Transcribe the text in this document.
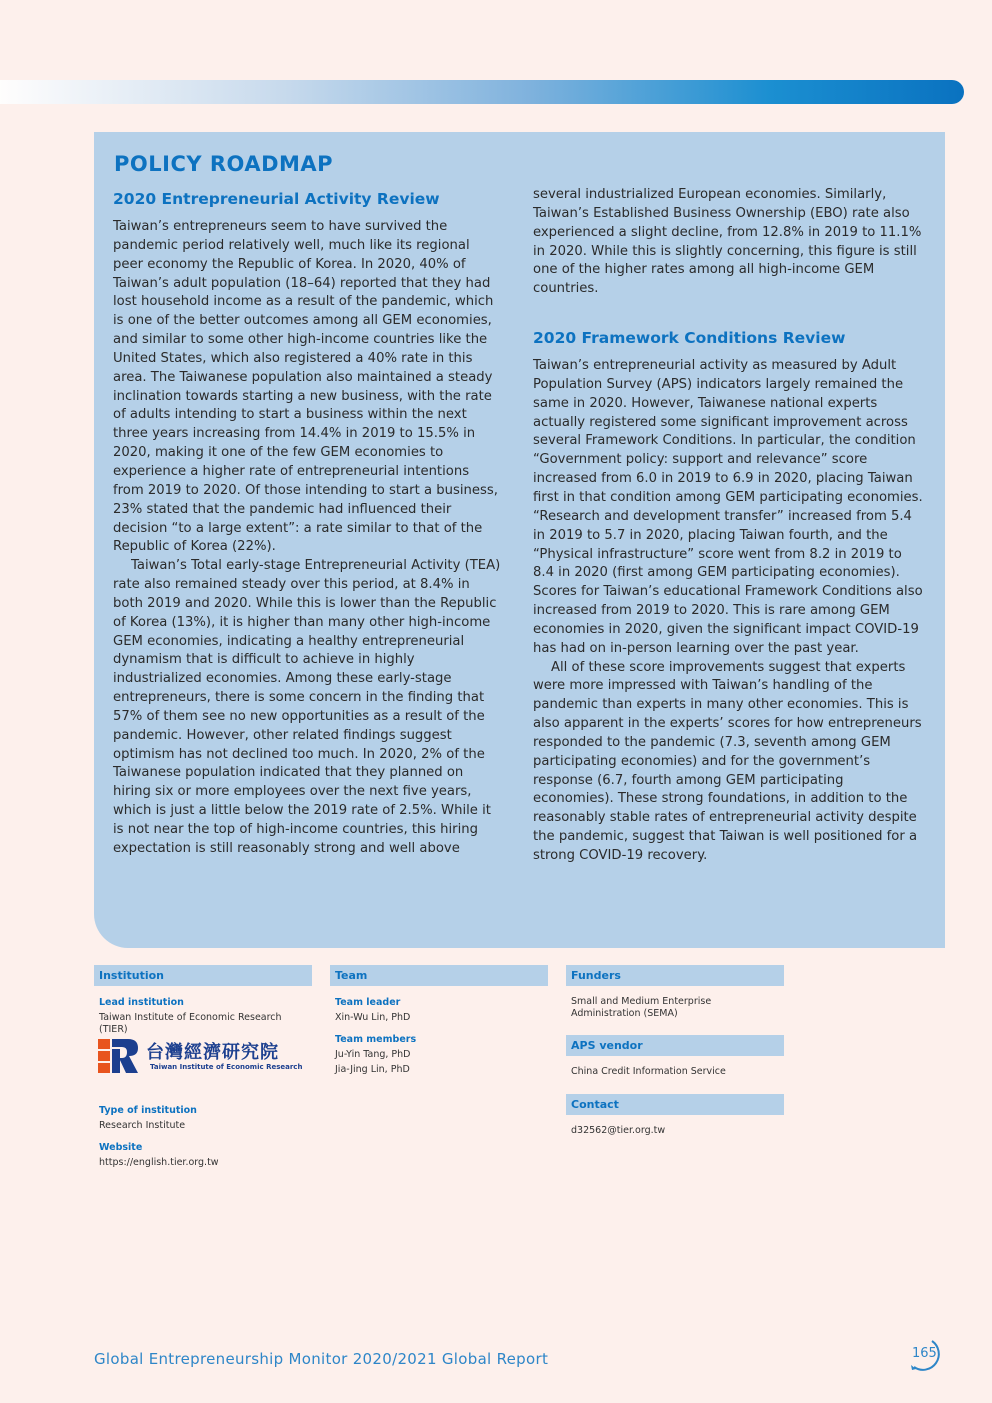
POLICY ROADMAP
2020 Entrepreneurial Activity Review

Taiwan’s entrepreneurs seem to have survived the pandemic period relatively well, much like its regional peer economy the Republic of Korea. In 2020, 40% of Taiwan’s adult population (18–64) reported that they had lost household income as a result of the pandemic, which is one of the better outcomes among all GEM economies, and similar to some other high-income countries like the United States, which also registered a 40% rate in this area. The Taiwanese population also maintained a steady inclination towards starting a new business, with the rate of adults intending to start a business within the next three years increasing from 14.4% in 2019 to 15.5% in 2020, making it one of the few GEM economies to experience a higher rate of entrepreneurial intentions from 2019 to 2020. Of those intending to start a business, 23% stated that the pandemic had influenced their decision “to a large extent”: a rate similar to that of the Republic of Korea (22%).

Taiwan’s Total early-stage Entrepreneurial Activity (TEA) rate also remained steady over this period, at 8.4% in both 2019 and 2020. While this is lower than the Republic of Korea (13%), it is higher than many other high-income GEM economies, indicating a healthy entrepreneurial dynamism that is difficult to achieve in highly industrialized economies. Among these early-stage entrepreneurs, there is some concern in the finding that 57% of them see no new opportunities as a result of the pandemic. However, other related findings suggest optimism has not declined too much. In 2020, 2% of the Taiwanese population indicated that they planned on hiring six or more employees over the next five years, which is just a little below the 2019 rate of 2.5%. While it is not near the top of high-income countries, this hiring expectation is still reasonably strong and well above

several industrialized European economies. Similarly, Taiwan’s Established Business Ownership (EBO) rate also experienced a slight decline, from 12.8% in 2019 to 11.1% in 2020. While this is slightly concerning, this figure is still one of the higher rates among all high-income GEM countries.

2020 Framework Conditions Review

Taiwan’s entrepreneurial activity as measured by Adult Population Survey (APS) indicators largely remained the same in 2020. However, Taiwanese national experts actually registered some significant improvement across several Framework Conditions. In particular, the condition “Government policy: support and relevance” score increased from 6.0 in 2019 to 6.9 in 2020, placing Taiwan first in that condition among GEM participating economies. “Research and development transfer” increased from 5.4 in 2019 to 5.7 in 2020, placing Taiwan fourth, and the “Physical infrastructure” score went from 8.2 in 2019 to 8.4 in 2020 (first among GEM participating economies). Scores for Taiwan’s educational Framework Conditions also increased from 2019 to 2020. This is rare among GEM economies in 2020, given the significant impact COVID-19 has had on in-person learning over the past year.

All of these score improvements suggest that experts were more impressed with Taiwan’s handling of the pandemic than experts in many other economies. This is also apparent in the experts’ scores for how entrepreneurs responded to the pandemic (7.3, seventh among GEM participating economies) and for the government’s response (6.7, fourth among GEM participating economies). These strong foundations, in addition to the reasonably stable rates of entrepreneurial activity despite the pandemic, suggest that Taiwan is well positioned for a strong COVID-19 recovery.

Institution

Lead institution

Taiwan Institute of Economic Research (TIER)

台灣經濟研究院
Taiwan Institute of Economic Research

Type of institution

Research Institute

Website

https://english.tier.org.tw
Team

Team leader

Xin-Wu Lin, PhD

Team members

Ju-Yin Tang, PhD

Jia-Jing Lin, PhD

Funders

Small and Medium Enterprise Administration (SEMA)

APS vendor

China Credit Information Service

Contact
d32562@tier.org.tw
Global Entrepreneurship Monitor 2020/2021 Global Report	165
